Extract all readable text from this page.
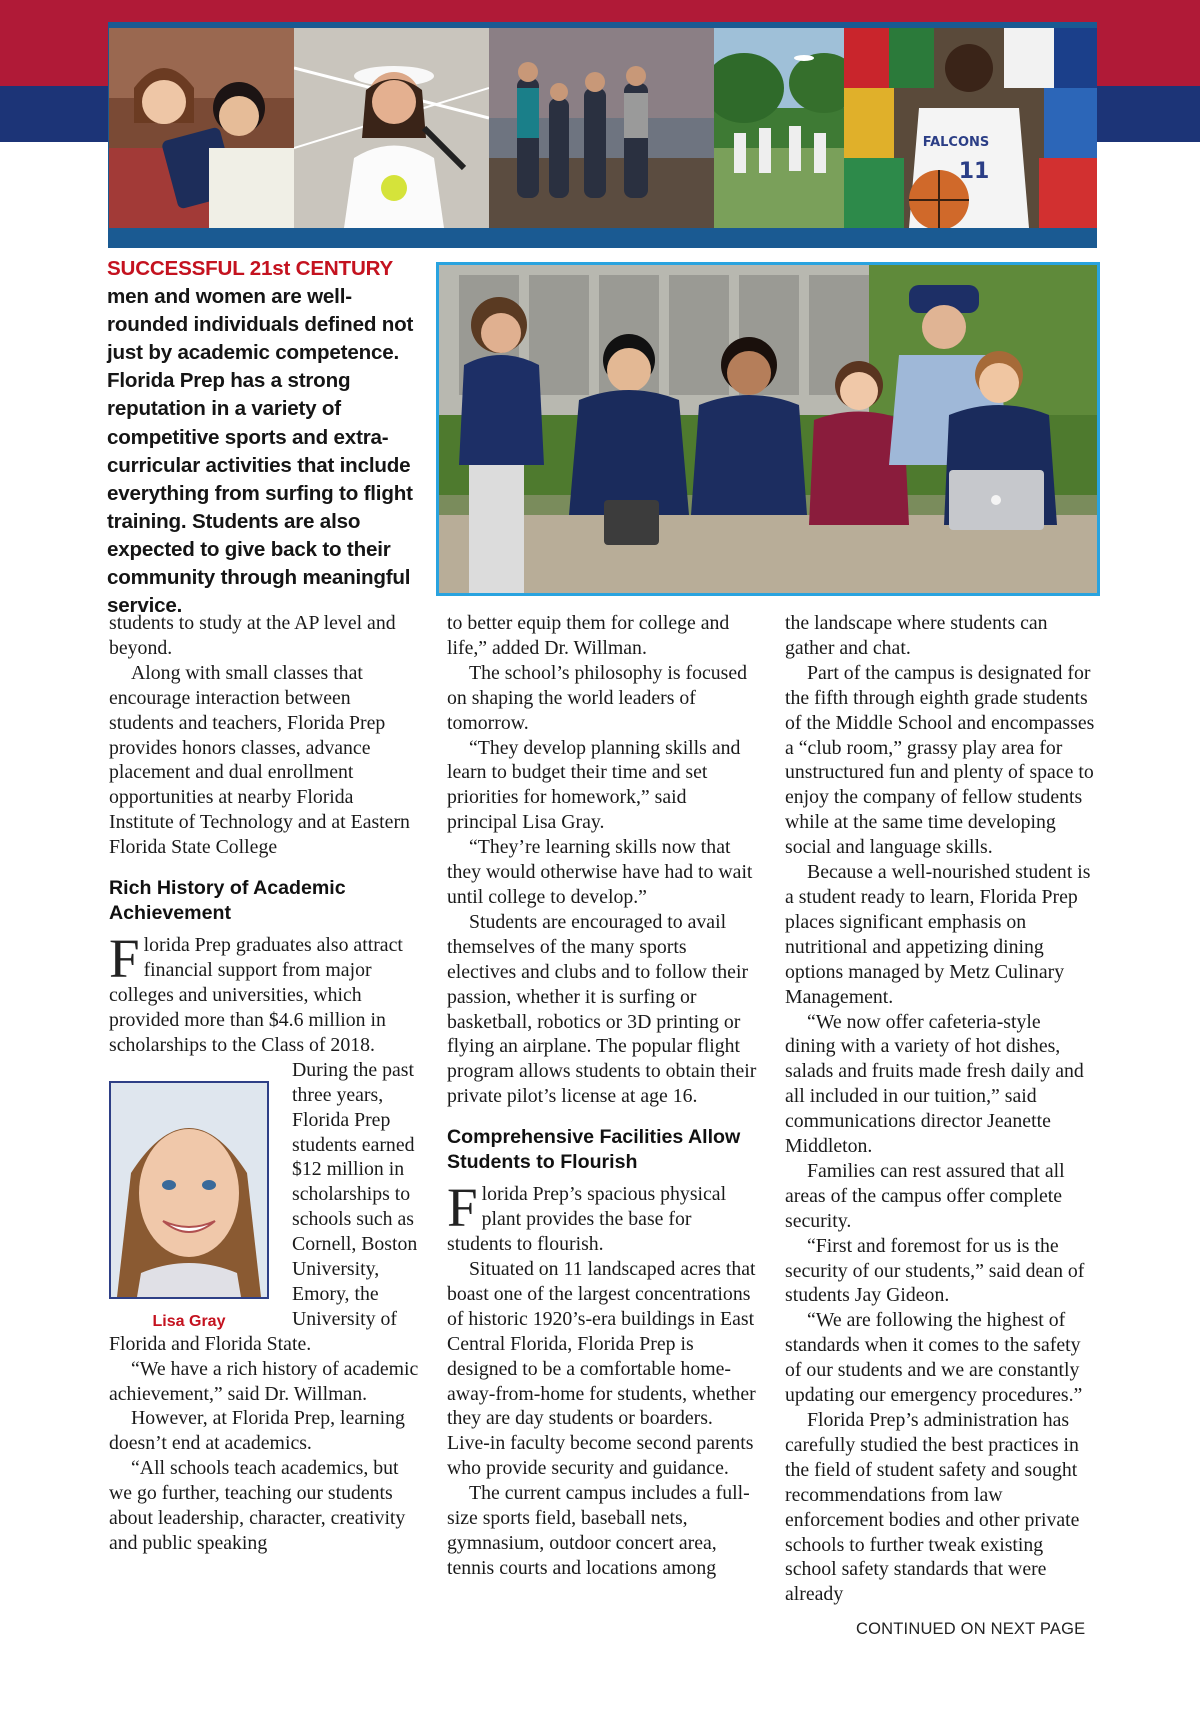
FALCONS
11
SUCCESSFUL 21st CENTURY men and women are well-rounded individuals defined not just by academic competence. Florida Prep has a strong reputation in a variety of competitive sports and extra-curricular activities that include everything from surfing to flight training. Students are also expected to give back to their community through meaningful service.

students to study at the AP level and beyond.

Along with small classes that encourage interaction between students and teachers, Florida Prep provides honors classes, advance placement and dual enrollment opportunities at nearby Florida Institute of Technology and at Eastern Florida State College

Rich History of Academic Achievement

Florida Prep graduates also attract financial support from major colleges and universities, which provided more than $4.6 million in scholarships to the
Class of 2018. During the past three years, Florida Prep students earned $12 million in scholarships to schools such as Cornell, Boston University, Emory, the University of Florida and Florida State.

“We have a rich history of academic achievement,” said Dr. Willman.

However, at Florida Prep, learning doesn’t end at academics.

“All schools teach academics, but we go further, teaching our students about leadership, character, creativity and public speaking

Lisa Gray

to better equip them for college and life,” added Dr. Willman.

The school’s philosophy is focused on shaping the world leaders of tomorrow.

“They develop planning skills and learn to budget their time and set priorities for homework,” said principal Lisa Gray.

“They’re learning skills now that they would otherwise have had to wait until college to develop.”

Students are encouraged to avail themselves of the many sports electives and clubs and to follow their passion, whether it is surfing or basketball, robotics or 3D printing or flying an airplane. The popular flight program allows students to obtain their private pilot’s license at age 16.

Comprehensive Facilities Allow Students to Flourish

Florida Prep’s spacious physical plant provides the base for students to flourish.

Situated on 11 landscaped acres that boast one of the largest concentrations of historic 1920’s-era buildings in East Central Florida, Florida Prep is designed to be a comfortable home-away-from-home for students, whether they are day students or boarders. Live-in faculty become second parents who provide security and guidance.

The current campus includes a full-size sports field, baseball nets, gymnasium, outdoor concert area, tennis courts and locations among

the landscape where students can gather and chat.

Part of the campus is designated for the fifth through eighth grade students of the Middle School and encompasses a “club room,” grassy play area for unstructured fun and plenty of space to enjoy the company of fellow students while at the same time developing social and language skills.

Because a well-nourished student is a student ready to learn, Florida Prep places significant emphasis on nutritional and appetizing dining options managed by Metz Culinary Management.

“We now offer cafeteria-style dining with a variety of hot dishes, salads and fruits made fresh daily and all included in our tuition,” said communications director Jeanette Middleton.

Families can rest assured that all areas of the campus offer complete security.

“First and foremost for us is the security of our students,” said dean of students Jay Gideon.

“We are following the highest of standards when it comes to the safety of our students and we are constantly updating our emergency procedures.”

Florida Prep’s administration has carefully studied the best practices in the field of student safety and sought recommendations from law enforcement bodies and other private schools to further tweak existing school safety standards that were already

CONTINUED ON NEXT PAGE
